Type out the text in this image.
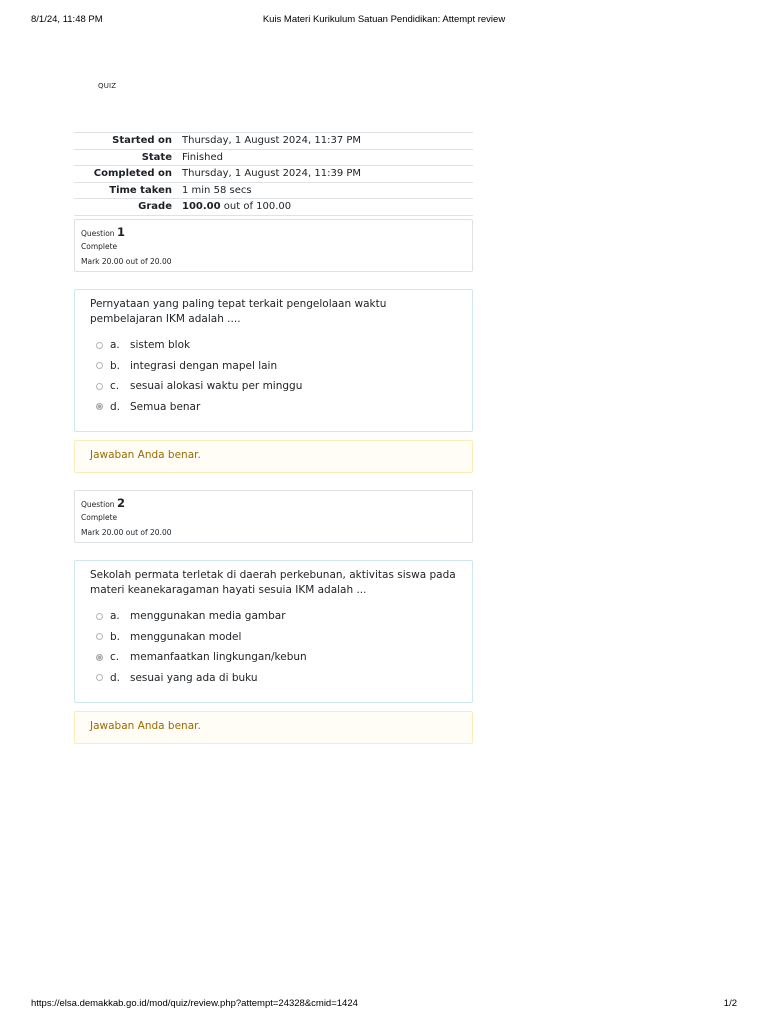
8/1/24, 11:48 PM	Kuis Materi Kurikulum Satuan Pendidikan: Attempt review
QUIZ
Started on	Thursday, 1 August 2024, 11:37 PM
State	Finished
Completed on	Thursday, 1 August 2024, 11:39 PM
Time taken	1 min 58 secs
Grade	100.00 out of 100.00
Question 1
Complete
Mark 20.00 out of 20.00
Pernyataan yang paling tepat terkait pengelolaan waktu pembelajaran IKM adalah ....
a. sistem blok
b. integrasi dengan mapel lain
c.	sesuai alokasi waktu per minggu
d. Semua benar
Jawaban Anda benar.
Question 2
Complete
Mark 20.00 out of 20.00
Sekolah permata terletak di daerah perkebunan, aktivitas siswa pada materi keanekaragaman hayati sesuia IKM adalah ...
a. menggunakan media gambar
b. menggunakan model
c.	memanfaatkan lingkungan/kebun
d. sesuai yang ada di buku
Jawaban Anda benar.
https://elsa.demakkab.go.id/mod/quiz/review.php?attempt=24328&cmid=1424	1/2
